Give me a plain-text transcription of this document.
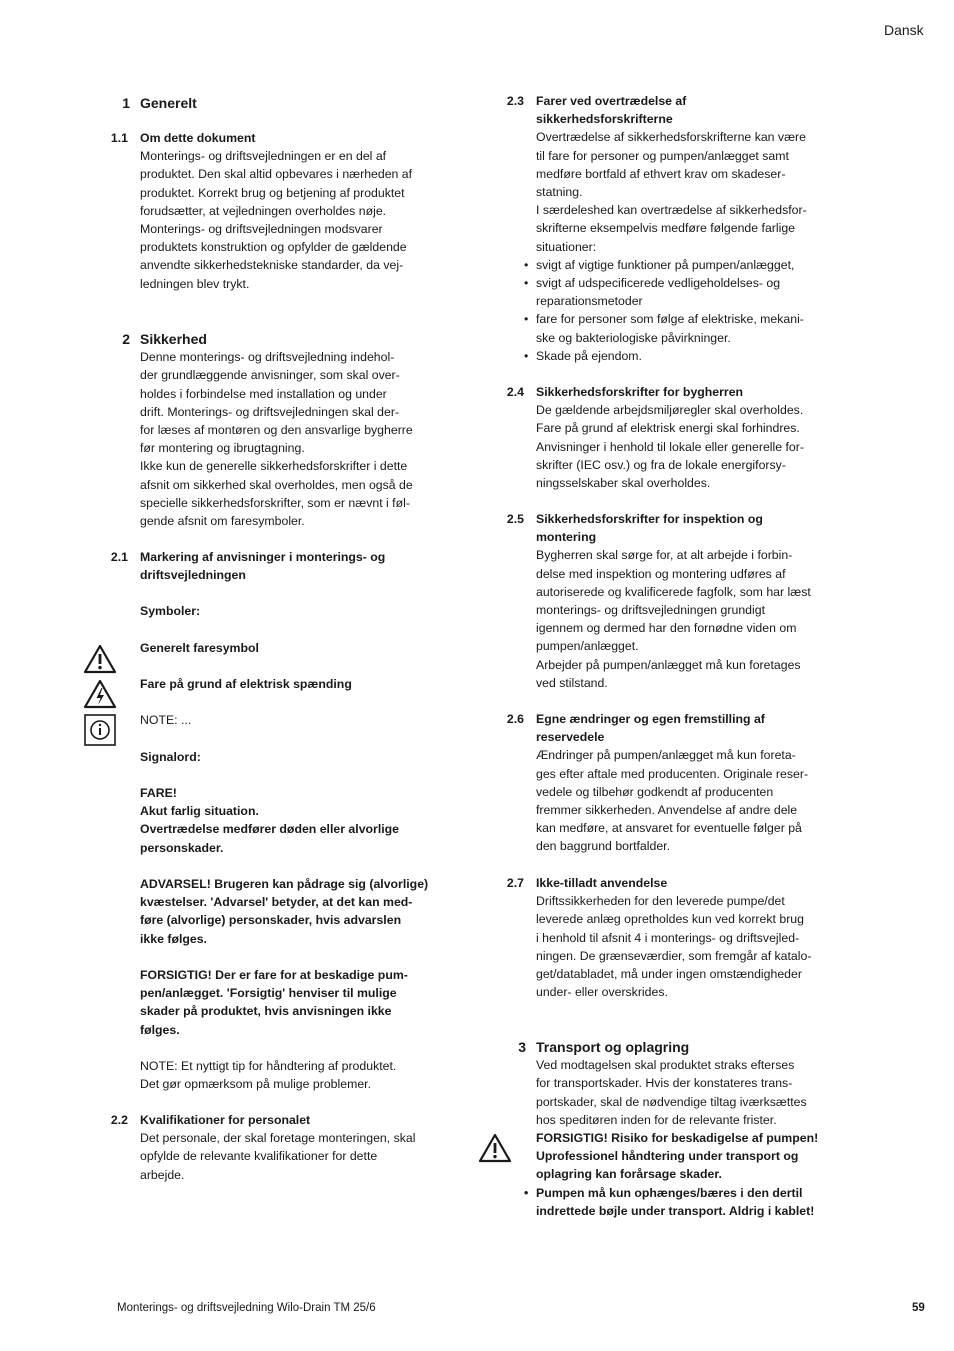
Dansk
1 Generelt
1.1 Om dette dokument
Monterings- og driftsvejledningen er en del af
produktet. Den skal altid opbevares i nærheden af
produktet. Korrekt brug og betjening af produktet
forudsætter, at vejledningen overholdes nøje.
Monterings- og driftsvejledningen modsvarer
produktets konstruktion og opfylder de gældende
anvendte sikkerhedstekniske standarder, da vej-
ledningen blev trykt.
2 Sikkerhed
Denne monterings- og driftsvejledning indehol-
der grundlæggende anvisninger, som skal over-
holdes i forbindelse med installation og under
drift. Monterings- og driftsvejledningen skal der-
for læses af montøren og den ansvarlige bygherre
før montering og ibrugtagning.
Ikke kun de generelle sikkerhedsforskrifter i dette
afsnit om sikkerhed skal overholdes, men også de
specielle sikkerhedsforskrifter, som er nævnt i føl-
gende afsnit om faresymboler.
2.1 Markering af anvisninger i monterings- og
driftsvejledningen
Symboler:
Generelt faresymbol
Fare på grund af elektrisk spænding
NOTE: ...
Signalord:
FARE!
Akut farlig situation.
Overtrædelse medfører døden eller alvorlige
personskader.
ADVARSEL! Brugeren kan pådrage sig (alvorlige)
kvæstelser. 'Advarsel' betyder, at det kan med-
føre (alvorlige) personskader, hvis advarslen
ikke følges.
FORSIGTIG! Der er fare for at beskadige pum-
pen/anlægget. 'Forsigtig' henviser til mulige
skader på produktet, hvis anvisningen ikke
følges.
NOTE: Et nyttigt tip for håndtering af produktet.
Det gør opmærksom på mulige problemer.
2.2 Kvalifikationer for personalet
Det personale, der skal foretage monteringen, skal
opfylde de relevante kvalifikationer for dette
arbejde.
2.3 Farer ved overtrædelse af
sikkerhedsforskrifterne
Overtrædelse af sikkerhedsforskrifterne kan være
til fare for personer og pumpen/anlægget samt
medføre bortfald af ethvert krav om skadeser-
statning.
I særdeleshed kan overtrædelse af sikkerhedsfor-
skrifterne eksempelvis medføre følgende farlige
situationer:
• svigt af vigtige funktioner på pumpen/anlægget,
• svigt af udspecificerede vedligeholdelses- og
reparationsmetoder
• fare for personer som følge af elektriske, mekani-
ske og bakteriologiske påvirkninger.
• Skade på ejendom.
2.4 Sikkerhedsforskrifter for bygherren
De gældende arbejdsmiljøregler skal overholdes.
Fare på grund af elektrisk energi skal forhindres.
Anvisninger i henhold til lokale eller generelle for-
skrifter (IEC osv.) og fra de lokale energiforsy-
ningsselskaber skal overholdes.
2.5 Sikkerhedsforskrifter for inspektion og
montering
Bygherren skal sørge for, at alt arbejde i forbin-
delse med inspektion og montering udføres af
autoriserede og kvalificerede fagfolk, som har læst
monterings- og driftsvejledningen grundigt
igennem og dermed har den fornødne viden om
pumpen/anlægget.
Arbejder på pumpen/anlægget må kun foretages
ved stilstand.
2.6 Egne ændringer og egen fremstilling af
reservedele
Ændringer på pumpen/anlægget må kun foreta-
ges efter aftale med producenten. Originale reser-
vedele og tilbehør godkendt af producenten
fremmer sikkerheden. Anvendelse af andre dele
kan medføre, at ansvaret for eventuelle følger på
den baggrund bortfalder.
2.7 Ikke-tilladt anvendelse
Driftssikkerheden for den leverede pumpe/det
leverede anlæg opretholdes kun ved korrekt brug
i henhold til afsnit 4 i monterings- og driftsvejled-
ningen. De grænseværdier, som fremgår af katalo-
get/databladet, må under ingen omstændigheder
under- eller overskrides.
3 Transport og oplagring
Ved modtagelsen skal produktet straks efterses
for transportskader. Hvis der konstateres trans-
portskader, skal de nødvendige tiltag iværksættes
hos speditøren inden for de relevante frister.
FORSIGTIG! Risiko for beskadigelse af pumpen!
Uprofessionel håndtering under transport og
oplagring kan forårsage skader.
• Pumpen må kun ophænges/bæres i den dertil
indrettede bøjle under transport. Aldrig i kablet!
Monterings- og driftsvejledning Wilo-Drain TM 25/6	59
